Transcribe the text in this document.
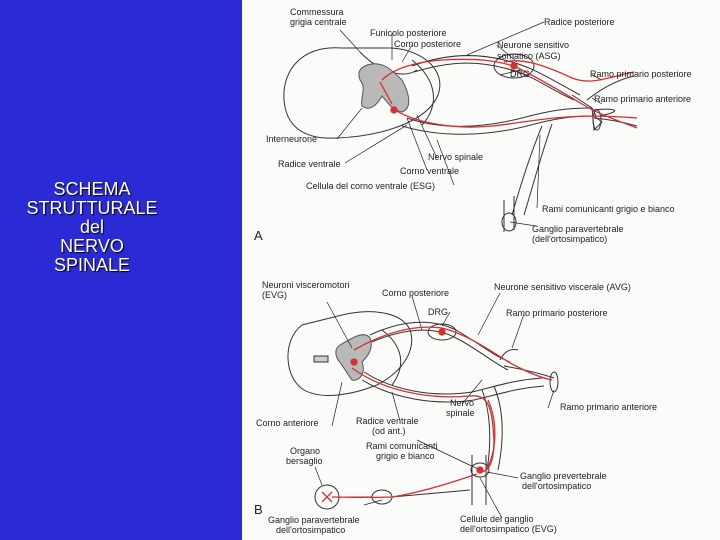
SCHEMA
STRUTTURALE
del
NERVO
SPINALE
A
Commessura
grigia centrale
Funicolo posteriore
Corno posteriore
Radice posteriore
Neurone sensitivo
somatico (ASG)
DRG	Ramo primario posteriore
Ramo primario anteriore
Interneurone
Radice ventrale
Nervo spinale
Corno ventrale
Cellula del corno ventrale (ESG)
Rami comunicanti grigio e bianco
Ganglio paravertebrale
(dell'ortosimpatico)
B
Neuroni visceromotori
(EVG)	Corno posteriore
Neurone sensitivo viscerale (AVG)
DRG	Ramo primario posteriore
Nervo
spinale
Ramo primario anteriore
Corno anteriore	Radice ventrale
(od ant.)
Organo
bersaglio
Rami comunicanti
grigio e bianco
Ganglio prevertebrale
dell'ortosimpatico
Ganglio paravertebrale
dell'ortosimpatico
Cellule del ganglio
dell'ortosimpatico (EVG)
